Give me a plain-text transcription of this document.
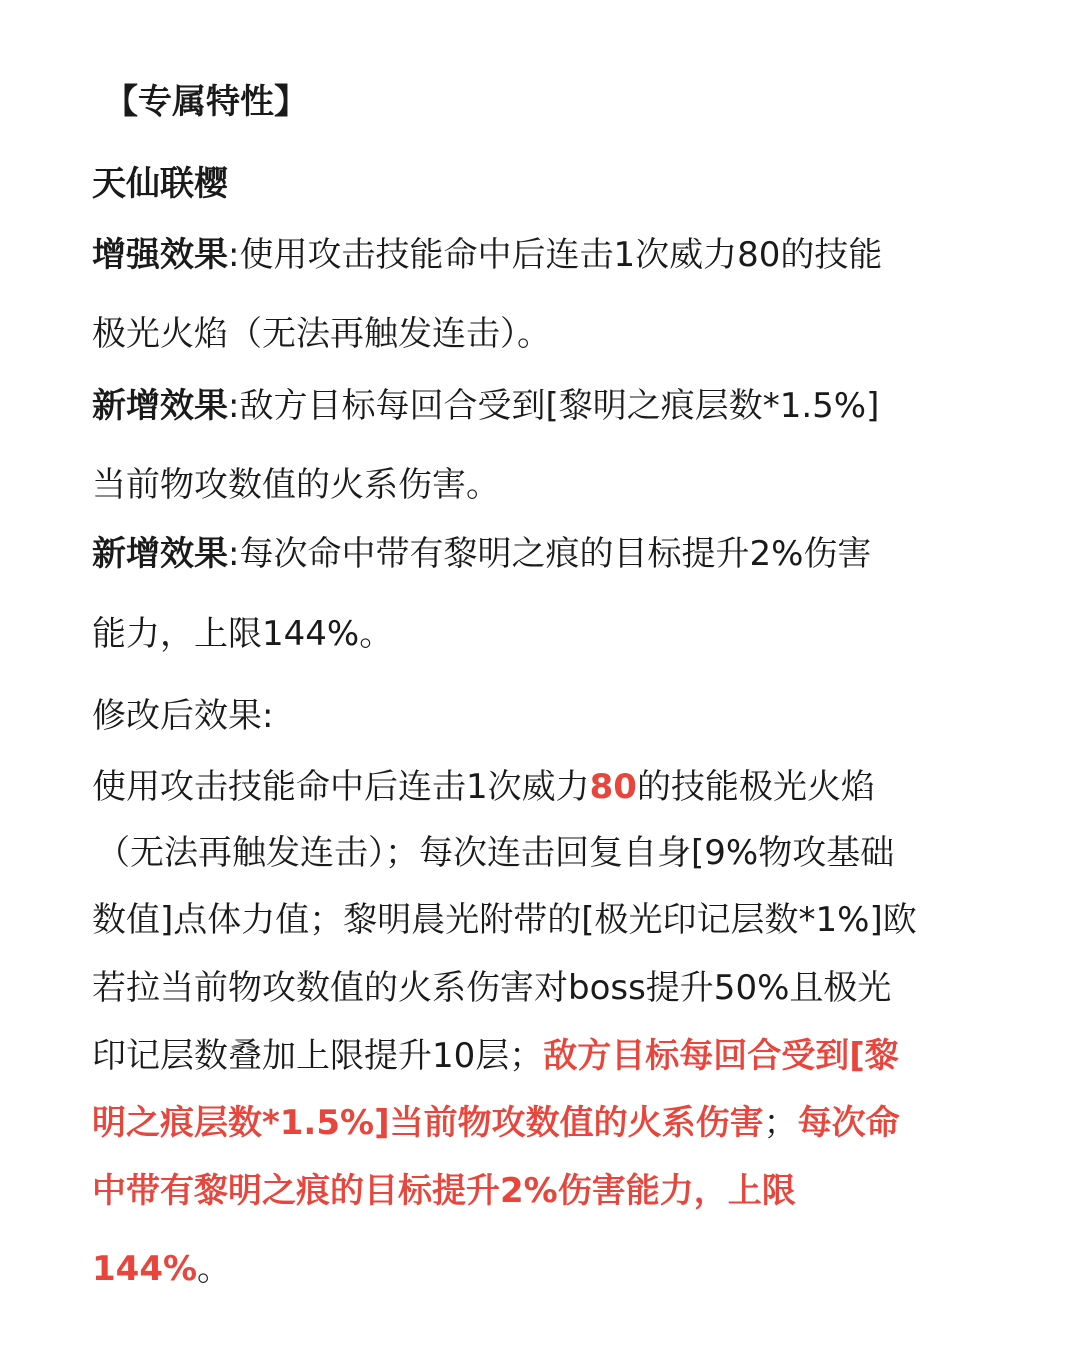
【专属特性】

天仙联樱

增强效果:使用攻击技能命中后连击1次威力80的技能

极光火焰（无法再触发连击）。

新增效果:敌方目标每回合受到[黎明之痕层数*1.5%]

当前物攻数值的火系伤害。

新增效果:每次命中带有黎明之痕的目标提升2%伤害

能力，上限144%。

修改后效果:

使用攻击技能命中后连击1次威力80的技能极光火焰

（无法再触发连击）；每次连击回复自身[9%物攻基础

数值]点体力值；黎明晨光附带的[极光印记层数*1%]欧

若拉当前物攻数值的火系伤害对boss提升50%且极光

印记层数叠加上限提升10层；敌方目标每回合受到[黎

明之痕层数*1.5%]当前物攻数值的火系伤害；每次命

中带有黎明之痕的目标提升2%伤害能力，上限

144%。
